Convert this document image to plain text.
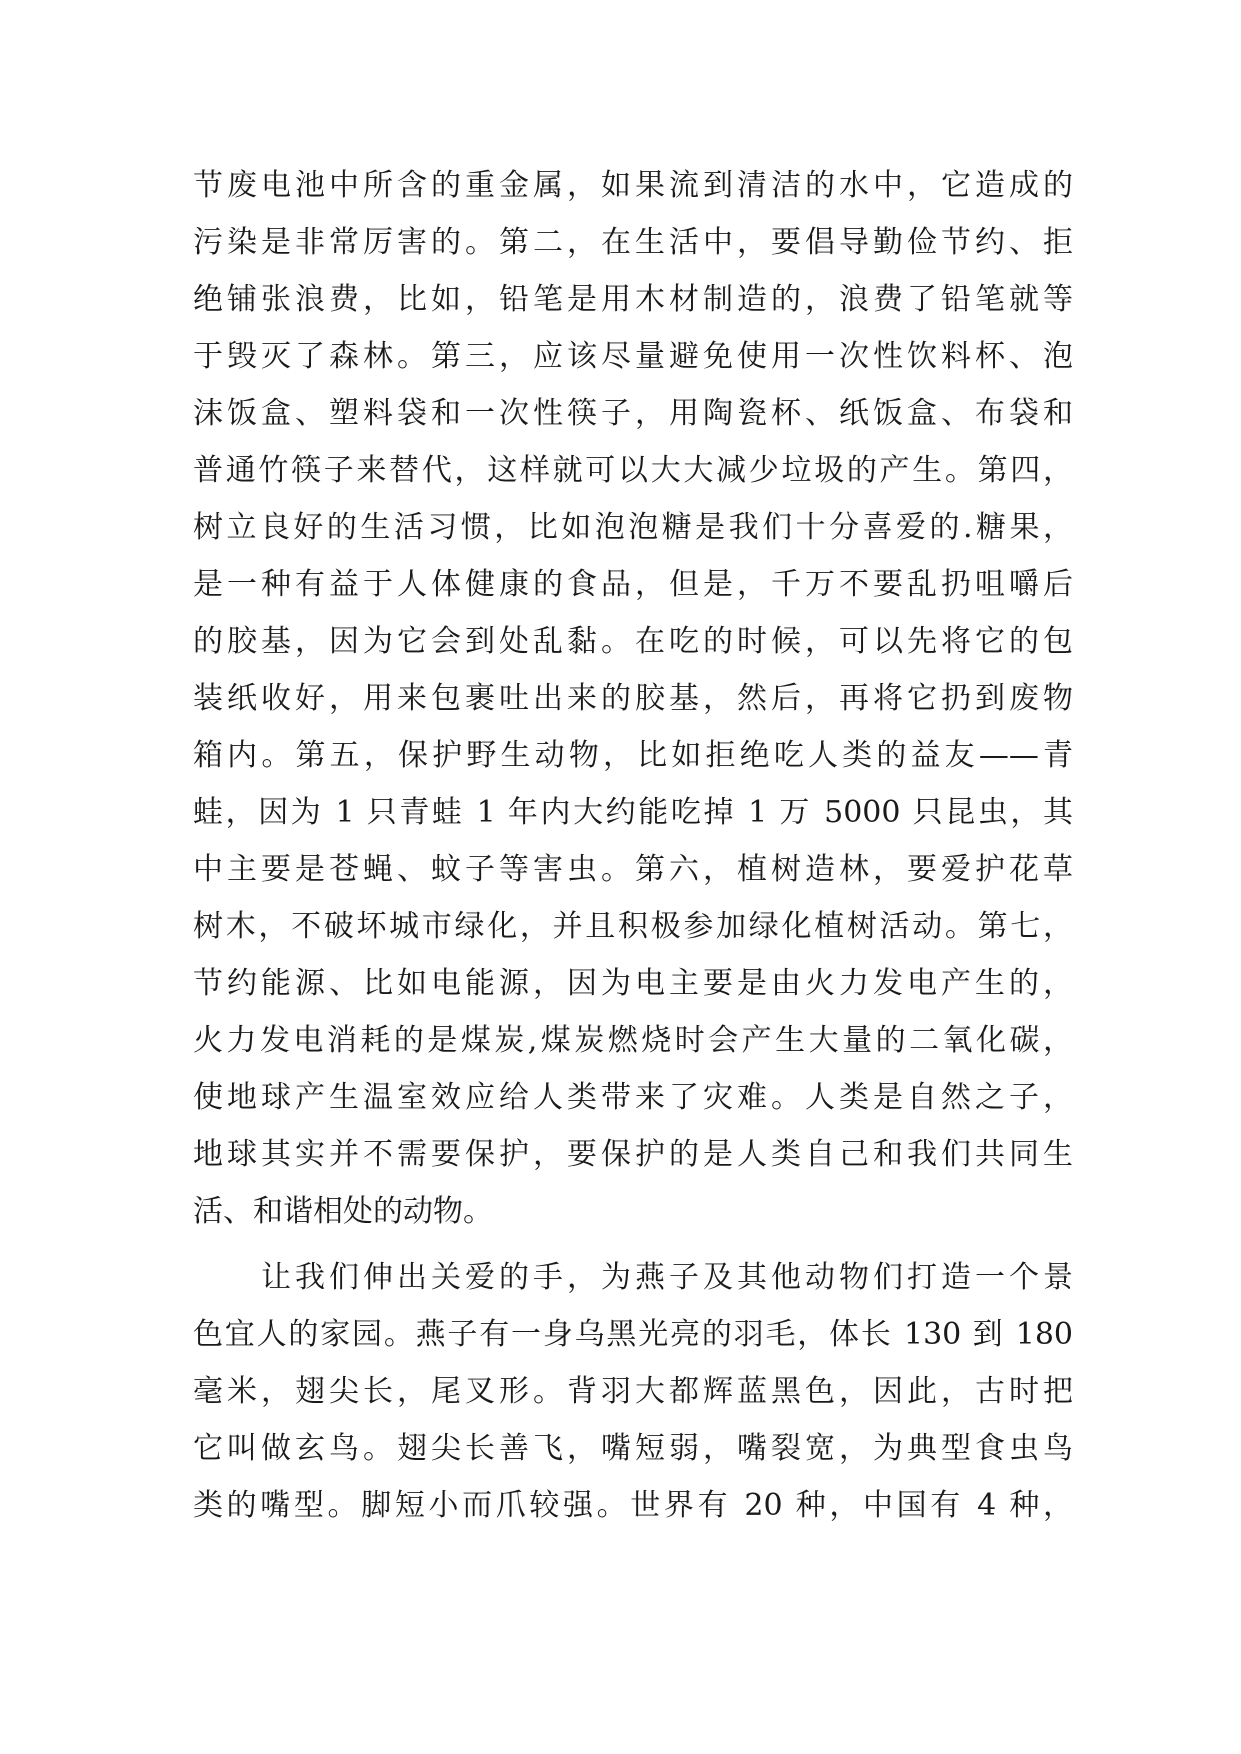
节废电池中所含的重金属，如果流到清洁的水中，它造成的
污染是非常厉害的。第二，在生活中，要倡导勤俭节约、拒
绝铺张浪费，比如，铅笔是用木材制造的，浪费了铅笔就等
于毁灭了森林。第三，应该尽量避免使用一次性饮料杯、泡
沫饭盒、塑料袋和一次性筷子，用陶瓷杯、纸饭盒、布袋和
普通竹筷子来替代，这样就可以大大减少垃圾的产生。第四，
树立良好的生活习惯，比如泡泡糖是我们十分喜爱的.糖果，
是一种有益于人体健康的食品，但是，千万不要乱扔咀嚼后
的胶基，因为它会到处乱黏。在吃的时候，可以先将它的包
装纸收好，用来包裹吐出来的胶基，然后，再将它扔到废物
箱内。第五，保护野生动物，比如拒绝吃人类的益友——青
蛙，因为 1 只青蛙 1 年内大约能吃掉 1 万 5000 只昆虫，其
中主要是苍蝇、蚊子等害虫。第六，植树造林，要爱护花草
树木，不破坏城市绿化，并且积极参加绿化植树活动。第七，
节约能源、比如电能源，因为电主要是由火力发电产生的，
火力发电消耗的是煤炭,煤炭燃烧时会产生大量的二氧化碳，
使地球产生温室效应给人类带来了灾难。人类是自然之子，
地球其实并不需要保护，要保护的是人类自己和我们共同生
活、和谐相处的动物。

　　让我们伸出关爱的手，为燕子及其他动物们打造一个景
色宜人的家园。燕子有一身乌黑光亮的羽毛，体长 130 到 180
毫米，翅尖长，尾叉形。背羽大都辉蓝黑色，因此，古时把
它叫做玄鸟。翅尖长善飞，嘴短弱，嘴裂宽，为典型食虫鸟
类的嘴型。脚短小而爪较强。世界有 20 种，中国有 4 种，
